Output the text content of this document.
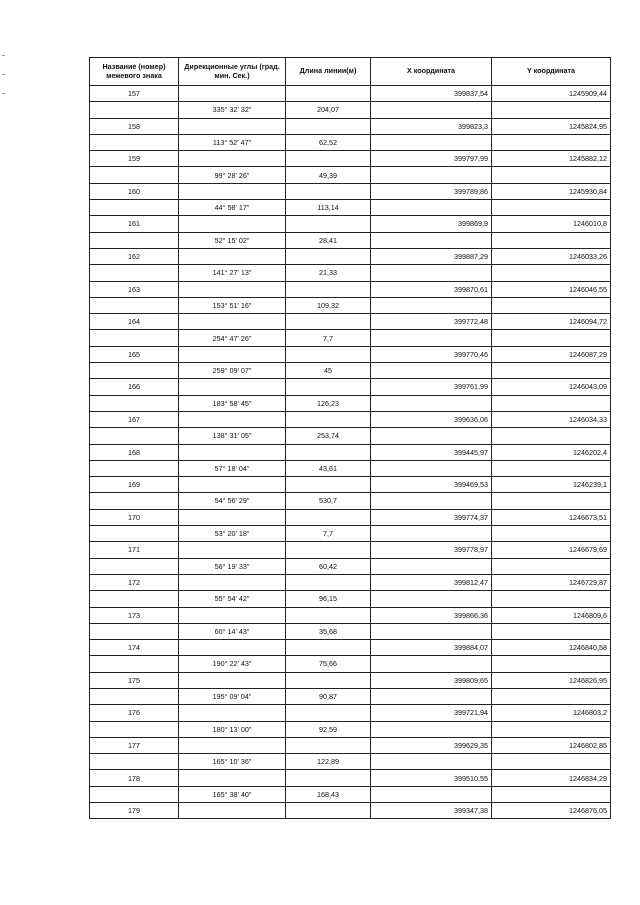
Название (номер) межевого знака	Дирекционные углы (град. мин. Сек.)	Длина линии(м)	X координата	Y координата
157			399837,54	1245909,44
	335° 32' 32"	204,07		
158			399823,3	1245824,95
	113° 52' 47"	62,52		
159			399797,99	1245882,12
	99° 28' 26"	49,39		
160			399789,86	1245930,84
	44° 58' 17"	113,14		
161			399869,9	1246010,8
	52° 15' 02"	28,41		
162			399887,29	1246033,26
	141° 27' 13"	21,33		
163			399870,61	1246046,55
	153° 51' 16"	109,32		
164			399772,48	1246094,72
	254° 47' 26"	7,7		
165			399770,46	1246087,29
	259° 09' 07"	45		
166			399761,99	1246043,09
	183° 58' 45"	126,23		
167			399636,06	1246034,33
	138° 31' 05"	253,74		
168			399445,97	1246202,4
	57° 18' 04"	43,61		
169			399469,53	1246239,1
	54° 56' 29"	530,7		
170			399774,37	1246673,51
	53° 20' 18"	7,7		
171			399778,97	1246679,69
	56° 19' 33"	60,42		
172			399812,47	1246729,87
	55° 54' 42"	96,15		
173			399866,36	1246809,6
	60° 14' 43"	35,68		
174			399884,07	1246840,58
	190° 22' 43"	75,66		
175			399809,65	1246826,95
	195° 09' 04"	90,87		
176			399721,94	1246803,2
	180° 13' 00"	92,59		
177			399629,35	1246802,85
	165° 10' 36"	122,89		
178			399510,55	1246834,29
	165° 38' 40"	168,43		
179			399347,38	1246876,05
